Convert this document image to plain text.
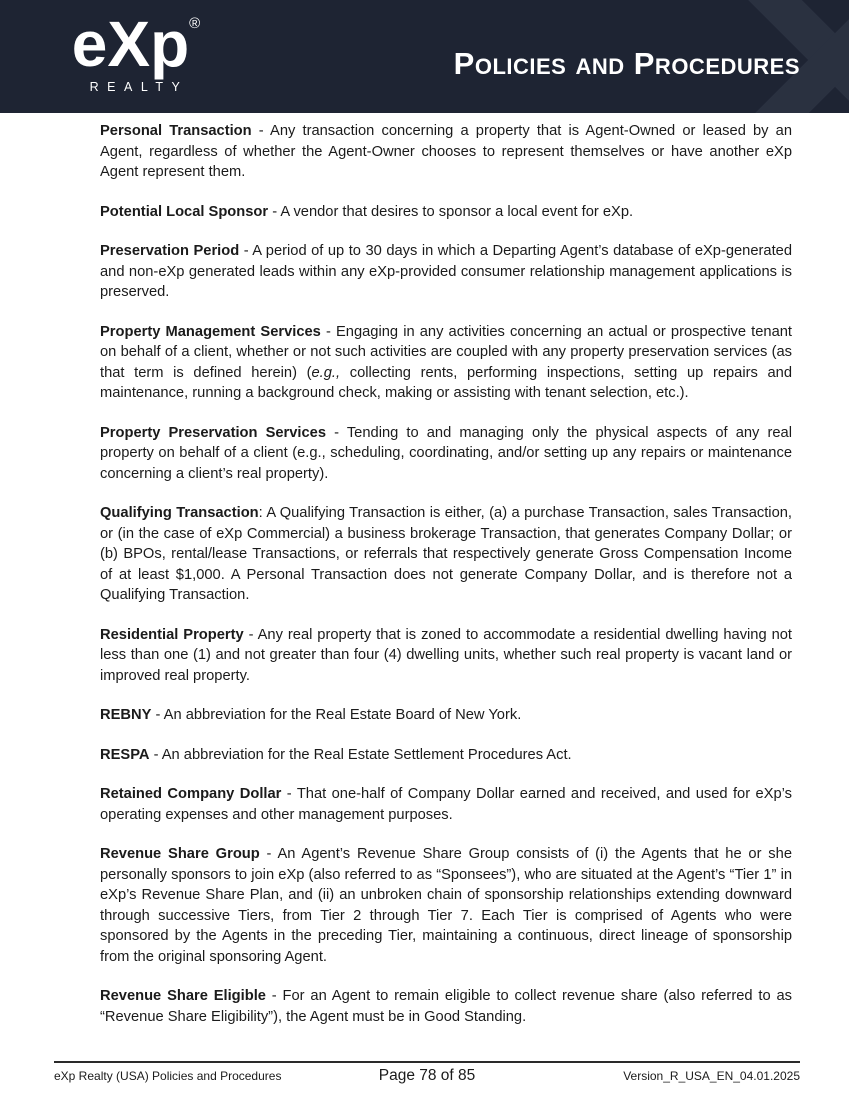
eXp®
REALTY
Policies and Procedures
Personal Transaction - Any transaction concerning a property that is Agent-Owned or leased by an Agent, regardless of whether the Agent-Owner chooses to represent themselves or have another eXp Agent represent them.
Potential Local Sponsor - A vendor that desires to sponsor a local event for eXp.
Preservation Period - A period of up to 30 days in which a Departing Agent’s database of eXp-generated and non-eXp generated leads within any eXp-provided consumer relationship management applications is preserved.
Property Management Services - Engaging in any activities concerning an actual or prospective tenant on behalf of a client, whether or not such activities are coupled with any property preservation services (as that term is defined herein) (e.g., collecting rents, performing inspections, setting up repairs and maintenance, running a background check, making or assisting with tenant selection, etc.).
Property Preservation Services - Tending to and managing only the physical aspects of any real property on behalf of a client (e.g., scheduling, coordinating, and/or setting up any repairs or maintenance concerning a client’s real property).
Qualifying Transaction: A Qualifying Transaction is either, (a) a purchase Transaction, sales Transaction, or (in the case of eXp Commercial) a business brokerage Transaction, that generates Company Dollar; or (b) BPOs, rental/lease Transactions, or referrals that respectively generate Gross Compensation Income of at least $1,000. A Personal Transaction does not generate Company Dollar, and is therefore not a Qualifying Transaction.
Residential Property - Any real property that is zoned to accommodate a residential dwelling having not less than one (1) and not greater than four (4) dwelling units, whether such real property is vacant land or improved real property.
REBNY - An abbreviation for the Real Estate Board of New York.
RESPA - An abbreviation for the Real Estate Settlement Procedures Act.
Retained Company Dollar - That one-half of Company Dollar earned and received, and used for eXp’s operating expenses and other management purposes.
Revenue Share Group - An Agent’s Revenue Share Group consists of (i) the Agents that he or she personally sponsors to join eXp (also referred to as “Sponsees”), who are situated at the Agent’s “Tier 1” in eXp’s Revenue Share Plan, and (ii) an unbroken chain of sponsorship relationships extending downward through successive Tiers, from Tier 2 through Tier 7. Each Tier is comprised of Agents who were sponsored by the Agents in the preceding Tier, maintaining a continuous, direct lineage of sponsorship from the original sponsoring Agent.
Revenue Share Eligible - For an Agent to remain eligible to collect revenue share (also referred to as “Revenue Share Eligibility”), the Agent must be in Good Standing.
eXp Realty (USA) Policies and Procedures	Page 78 of 85	Version_R_USA_EN_04.01.2025
